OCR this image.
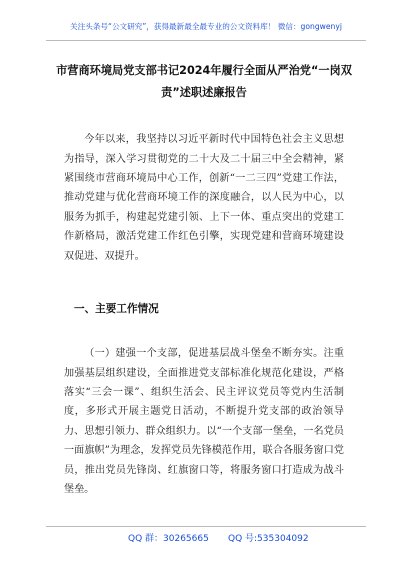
关注头条号“公文研究”，获得最新最全最专业的公文资料库！ 微信：gongwenyj
市营商环境局党支部书记2024年履行全面从严治党“一岗双责”述职述廉报告

今年以来，我坚持以习近平新时代中国特色社会主义思想为指导，深入学习贯彻党的二十大及二十届三中全会精神，紧紧围绕市营商环境局中心工作，创新“一二三四”党建工作法，推动党建与优化营商环境工作的深度融合，以人民为中心，以服务为抓手，构建起党建引领、上下一体、重点突出的党建工作新格局，激活党建工作红色引擎，实现党建和营商环境建设双促进、双提升。

一、主要工作情况

（一）建强一个支部，促进基层战斗堡垒不断夯实。注重加强基层组织建设，全面推进党支部标准化规范化建设，严格落实“三会一课”、组织生活会、民主评议党员等党内生活制度，多形式开展主题党日活动，不断提升党支部的政治领导力、思想引领力、群众组织力。以“一个支部一堡垒，一名党员一面旗帜”为理念，发挥党员先锋模范作用，联合各服务窗口党员，推出党员先锋岗、红旗窗口等，将服务窗口打造成为战斗堡垒。

QQ 群：30265665 QQ 号:535304092
